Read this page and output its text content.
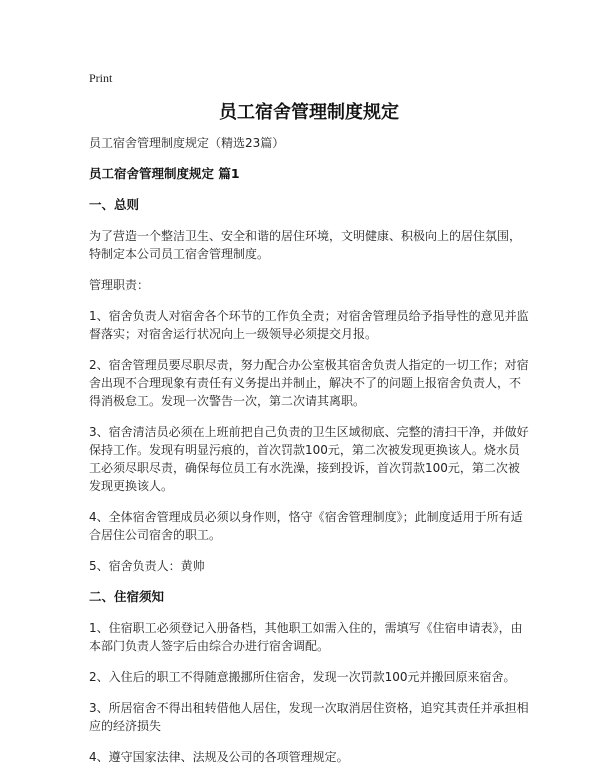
Print
员工宿舍管理制度规定

员工宿舍管理制度规定（精选23篇）

员工宿舍管理制度规定 篇1

一、总则

为了营造一个整洁卫生、安全和谐的居住环境，文明健康、积极向上的居住氛围，特制定本公司员工宿舍管理制度。

管理职责：

1、宿舍负责人对宿舍各个环节的工作负全责；对宿舍管理员给予指导性的意见并监督落实；对宿舍运行状况向上一级领导必须提交月报。

2、宿舍管理员要尽职尽责，努力配合办公室极其宿舍负责人指定的一切工作；对宿舍出现不合理现象有责任有义务提出并制止，解决不了的问题上报宿舍负责人，不得消极怠工。发现一次警告一次，第二次请其离职。

3、宿舍清洁员必须在上班前把自己负责的卫生区域彻底、完整的清扫干净，并做好保持工作。发现有明显污痕的，首次罚款100元，第二次被发现更换该人。烧水员工必须尽职尽责，确保每位员工有水洗澡，接到投诉，首次罚款100元，第二次被发现更换该人。

4、全体宿舍管理成员必须以身作则，恪守《宿舍管理制度》；此制度适用于所有适合居住公司宿舍的职工。

5、宿舍负责人：黄帅

二、住宿须知

1、住宿职工必须登记入册备档，其他职工如需入住的，需填写《住宿申请表》，由本部门负责人签字后由综合办进行宿舍调配。

2、入住后的职工不得随意搬挪所住宿舍，发现一次罚款100元并搬回原来宿舍。

3、所居宿舍不得出租转借他人居住，发现一次取消居住资格，追究其责任并承担相应的经济损失

4、遵守国家法律、法规及公司的各项管理规定。
